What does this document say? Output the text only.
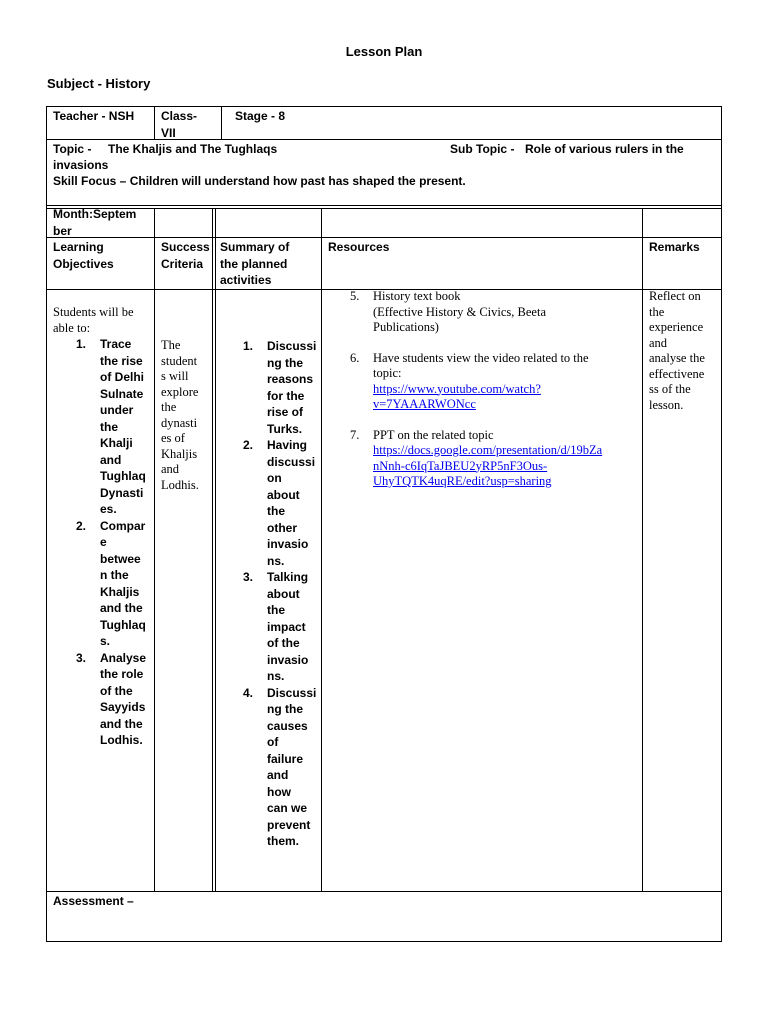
Lesson Plan
Subject - History
Teacher - NSH Class-
VII
Stage - 8
Topic - The Khaljis and The Tughlaqs	Sub Topic - Role of various rulers in the
invasions
Skill Focus – Children will understand how past has shaped the present.
Month:Septem
ber
Learning
Objectives
Success
Criteria
Summary of
the planned
activities
Resources	Remarks
Students will be
able to:
1. Trace
the rise
of Delhi
Sulnate
under
the
Khalji
and
Tughlaq
Dynasti
es.
2. Compar
e
betwee
n the
Khaljis
and the
Tughlaq
s.
3. Analyse
the role
of the
Sayyids
and the
Lodhis.
The
student
s will
explore
the
dynasti
es of
Khaljis
and
Lodhis.
1. Discussi
ng the
reasons
for the
rise of
Turks.
2. Having
discussi
on
about
the
other
invasio
ns.
3. Talking
about
the
impact
of the
invasio
ns.
4. Discussi
ng the
causes
of
failure
and
how
can we
prevent
them.
5. History text book
(Effective History & Civics, Beeta
Publications)
6. Have students view the video related to the
topic:
https://www.youtube.com/watch?
v=7YAAARWONcc
7. PPT on the related topic
https://docs.google.com/presentation/d/19bZa
nNnh-c6IqTaJBEU2yRP5nF3Ous-
UhyTQTK4uqRE/edit?usp=sharing
Reflect on
the
experience
and
analyse the
effectivene
ss of the
lesson.
Assessment –
